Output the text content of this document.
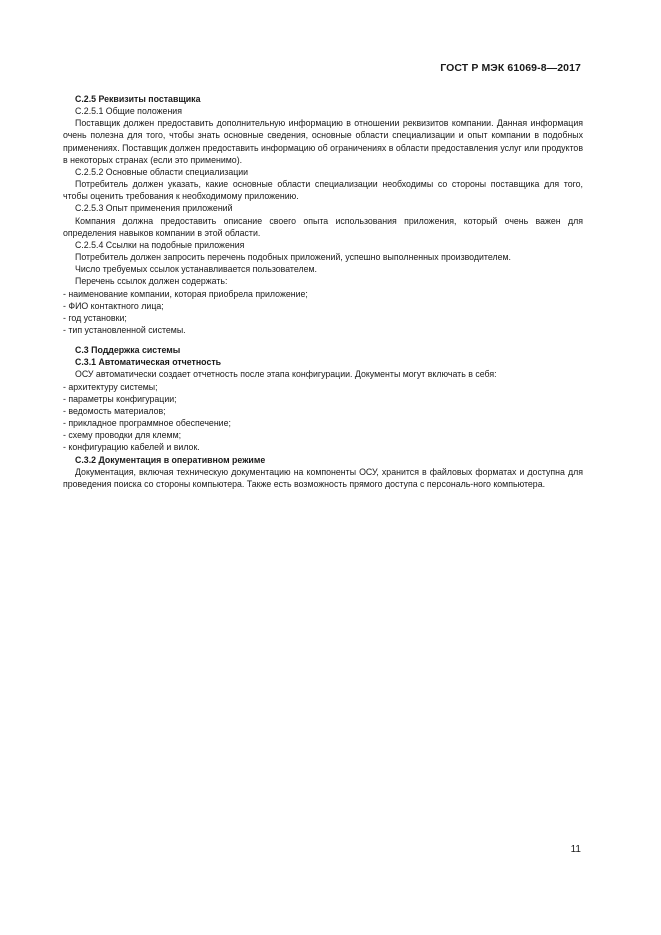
ГОСТ Р МЭК 61069-8—2017

C.2.5 Реквизиты поставщика

C.2.5.1 Общие положения

Поставщик должен предоставить дополнительную информацию в отношении реквизитов компании. Данная информация очень полезна для того, чтобы знать основные сведения, основные области специализации и опыт компании в подобных применениях. Поставщик должен предоставить информацию об ограничениях в области предоставления услуг или продуктов в некоторых странах (если это применимо).

C.2.5.2 Основные области специализации

Потребитель должен указать, какие основные области специализации необходимы со стороны поставщика для того, чтобы оценить требования к необходимому приложению.

C.2.5.3 Опыт применения приложений

Компания должна предоставить описание своего опыта использования приложения, который очень важен для определения навыков компании в этой области.

C.2.5.4 Ссылки на подобные приложения

Потребитель должен запросить перечень подобных приложений, успешно выполненных производителем.

Число требуемых ссылок устанавливается пользователем.

Перечень ссылок должен содержать:

- наименование компании, которая приобрела приложение;
- ФИО контактного лица;
- год установки;
- тип установленной системы.

C.3 Поддержка системы

C.3.1 Автоматическая отчетность

ОСУ автоматически создает отчетность после этапа конфигурации. Документы могут включать в себя:

- архитектуру системы;
- параметры конфигурации;
- ведомость материалов;
- прикладное программное обеспечение;
- схему проводки для клемм;
- конфигурацию кабелей и вилок.

C.3.2 Документация в оперативном режиме

Документация, включая техническую документацию на компоненты ОСУ, хранится в файловых форматах и доступна для проведения поиска со стороны компьютера. Также есть возможность прямого доступа с персональ-ного компьютера.

11
